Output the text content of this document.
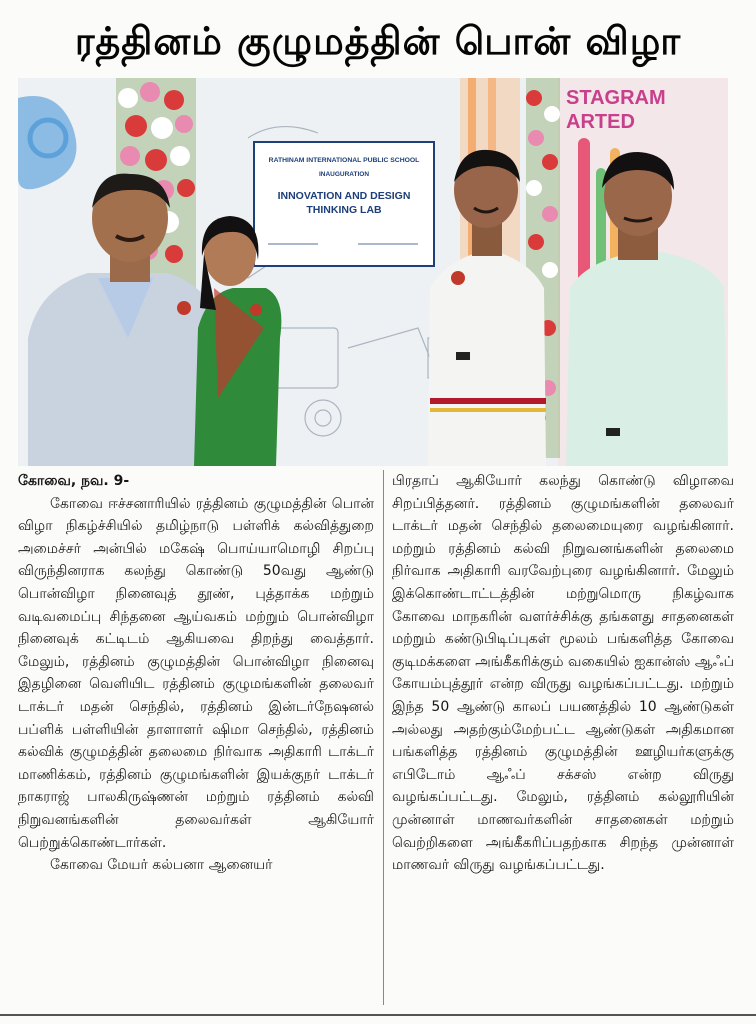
ரத்தினம் குழுமத்தின் பொன் விழா
STAGRAM
ARTED
RATHINAM INTERNATIONAL PUBLIC SCHOOL
INAUGURATION
INNOVATION AND DESIGN
THINKING LAB
கோவை, நவ. 9-

கோவை ஈச்சனாரியில் ரத்தினம் குழுமத்தின் பொன் விழா நிகழ்ச்சியில் தமிழ்நாடு பள்ளிக் கல்வித்துறை அமைச்சர் அன்பில் மகேஷ் பொய்யாமொழி சிறப்பு விருந்தினராக கலந்து கொண்டு 50வது ஆண்டு பொன்விழா நினைவுத் தூண், புத்தாக்க மற்றும் வடிவமைப்பு சிந்தனை ஆய்வகம் மற்றும் பொன்விழா நினைவுக் கட்டிடம் ஆகியவை திறந்து வைத்தார். மேலும், ரத்தினம் குழுமத்தின் பொன்விழா நினைவு இதழினை வெளியிட ரத்தினம் குழுமங்களின் தலைவர் டாக்டர் மதன் செந்தில், ரத்தினம் இன்டர்நேஷனல் பப்ளிக் பள்ளியின் தாளாளர் ஷிமா செந்தில், ரத்தினம் கல்விக் குழுமத்தின் தலைமை நிர்வாக அதிகாரி டாக்டர் மாணிக்கம், ரத்தினம் குழுமங்களின் இயக்குநர் டாக்டர் நாகராஜ் பாலகிருஷ்ணன் மற்றும் ரத்தினம் கல்வி நிறுவனங்களின் தலைவர்கள் ஆகியோர் பெற்றுக்கொண்டார்கள்.

கோவை மேயர் கல்பனா ஆனையர்

பிரதாப் ஆகியோர் கலந்து கொண்டு விழாவை சிறப்பித்தனர். ரத்தினம் குழுமங்களின் தலைவர் டாக்டர் மதன் செந்தில் தலைமையுரை வழங்கினார். மற்றும் ரத்தினம் கல்வி நிறுவனங்களின் தலைமை நிர்வாக அதிகாரி வரவேற்புரை வழங்கினார். மேலும் இக்கொண்டாட்டத்தின் மற்றுமொரு நிகழ்வாக கோவை மாநகரின் வளர்ச்சிக்கு தங்களது சாதனைகள் மற்றும் கண்டுபிடிப்புகள் மூலம் பங்களித்த கோவை குடிமக்களை அங்கீகரிக்கும் வகையில் ஐகான்ஸ் ஆஃப் கோயம்புத்தூர் என்ற விருது வழங்கப்பட்டது. மற்றும் இந்த 50 ஆண்டு காலப் பயணத்தில் 10 ஆண்டுகள் அல்லது அதற்கும்மேற்பட்ட ஆண்டுகள் அதிகமான பங்களித்த ரத்தினம் குழுமத்தின் ஊழியர்களுக்கு எபிடோம் ஆஃப் சக்சஸ் என்ற விருது வழங்கப்பட்டது. மேலும், ரத்தினம் கல்லூரியின் முன்னாள் மாணவர்களின் சாதனைகள் மற்றும் வெற்றிகளை அங்கீகரிப்பதற்காக சிறந்த முன்னாள் மாணவர் விருது வழங்கப்பட்டது.
